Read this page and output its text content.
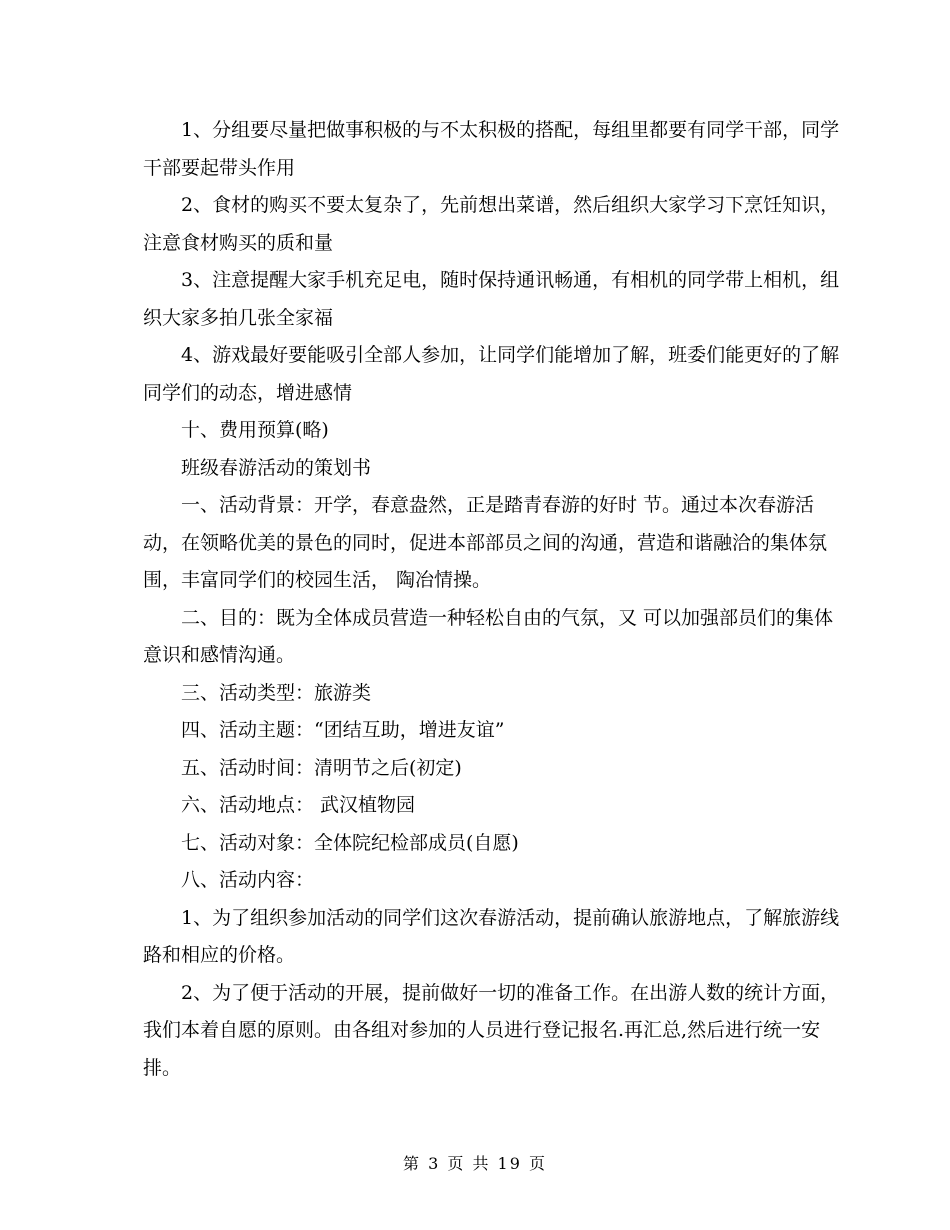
1、分组要尽量把做事积极的与不太积极的搭配，每组里都要有同学干部，同学干部要起带头作用

2、食材的购买不要太复杂了，先前想出菜谱，然后组织大家学习下烹饪知识，注意食材购买的质和量

3、注意提醒大家手机充足电，随时保持通讯畅通，有相机的同学带上相机，组织大家多拍几张全家福

4、游戏最好要能吸引全部人参加，让同学们能增加了解，班委们能更好的了解同学们的动态，增进感情

十、费用预算(略)

班级春游活动的策划书

一、活动背景：开学，春意盎然，正是踏青春游的好时 节。通过本次春游活动，在领略优美的景色的同时，促进本部部员之间的沟通，营造和谐融洽的集体氛围，丰富同学们的校园生活， 陶冶情操。

二、目的：既为全体成员营造一种轻松自由的气氛，又 可以加强部员们的集体意识和感情沟通。

三、活动类型：旅游类

四、活动主题：“团结互助，增进友谊”

五、活动时间：清明节之后(初定)

六、活动地点： 武汉植物园

七、活动对象：全体院纪检部成员(自愿)

八、活动内容：

1、为了组织参加活动的同学们这次春游活动，提前确认旅游地点，了解旅游线路和相应的价格。

2、为了便于活动的开展，提前做好一切的准备工作。在出游人数的统计方面，我们本着自愿的原则。由各组对参加的人员进行登记报名.再汇总,然后进行统一安排。

第 3 页 共 19 页
